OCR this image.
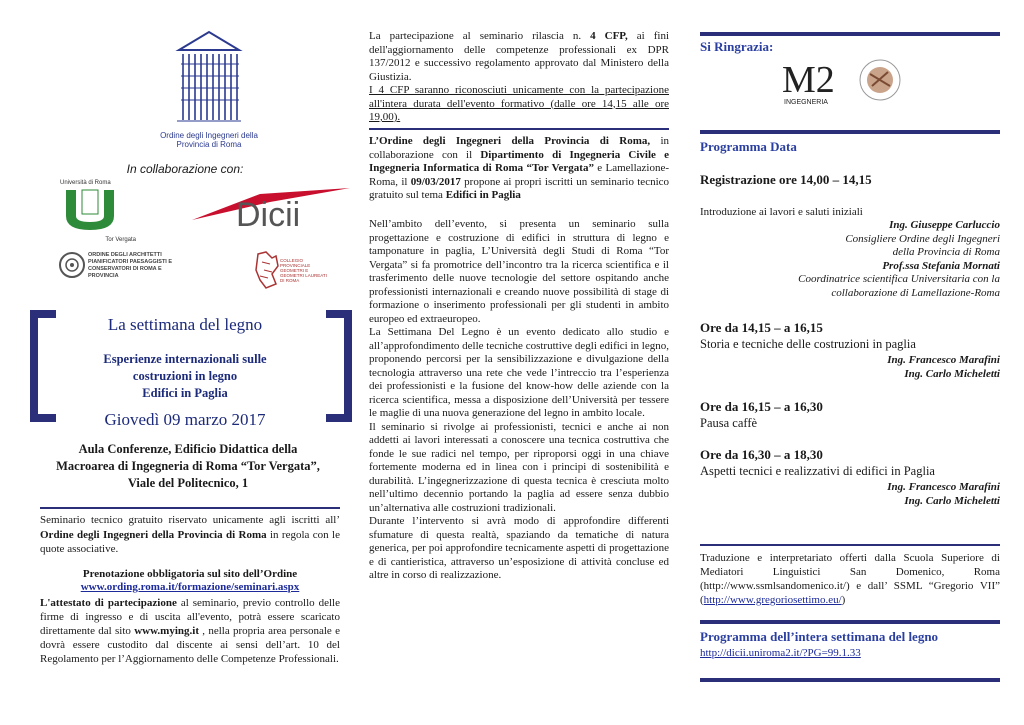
Ordine degli Ingegneri della Provincia di Roma
In collaborazione con:
Università di Roma
Tor Vergata
Dicii
ORDINE DEGLI ARCHITETTI PIANIFICATORI PAESAGGISTI E CONSERVATORI DI ROMA E PROVINCIA
COLLEGIO PROVINCIALE GEOMETRI E GEOMETRI LAUREATI DI ROMA
La settimana del legno
Esperienze internazionali sulle
costruzioni in legno
Edifici in Paglia
Giovedì 09 marzo 2017
Aula Conferenze, Edificio Didattica della
Macroarea di Ingegneria di Roma “Tor Vergata”,
Viale del Politecnico, 1
Seminario tecnico gratuito riservato unicamente agli iscritti all’ Ordine degli Ingegneri della Provincia di Roma in regola con le quote associative.
Prenotazione obbligatoria sul sito dell’Ordine
www.ording.roma.it/formazione/seminari.aspx
L'attestato di partecipazione al seminario, previo controllo delle firme di ingresso e di uscita all'evento, potrà essere scaricato direttamente dal sito www.mying.it , nella propria area personale e dovrà essere custodito dal discente ai sensi dell’art. 10 del Regolamento per l’Aggiornamento delle Competenze Professionali.

La partecipazione al seminario rilascia n. 4 CFP, ai fini dell'aggiornamento delle competenze professionali ex DPR 137/2012 e successivo regolamento approvato dal Ministero della Giustizia.

I 4 CFP saranno riconosciuti unicamente con la partecipazione all'intera durata dell'evento formativo (dalle ore 14,15 alle ore 19,00).

L’Ordine degli Ingegneri della Provincia di Roma, in collaborazione con il Dipartimento di Ingegneria Civile e Ingegneria Informatica di Roma “Tor Vergata” e Lamellazione-Roma, il 09/03/2017 propone ai propri iscritti un seminario tecnico gratuito sul tema Edifici in Paglia

Nell’ambito dell’evento, si presenta un seminario sulla progettazione e costruzione di edifici in struttura di legno e tamponature in paglia, L’Università degli Studi di Roma “Tor Vergata” si fa promotrice dell’incontro tra la ricerca scientifica e il trasferimento delle nuove tecnologie del settore ospitando anche professionisti internazionali e creando nuove possibilità di stage di formazione o inserimento professionali per gli studenti in ambito europeo ed extraeuropeo.

La Settimana Del Legno è un evento dedicato allo studio e all’approfondimento delle tecniche costruttive degli edifici in legno, proponendo percorsi per la sensibilizzazione e divulgazione della tecnologia attraverso una rete che vede l’intreccio tra l’esperienza dei professionisti e la fusione del know-how delle aziende con la ricerca scientifica, messa a disposizione dell’Università per tessere le maglie di una nuova generazione del legno in ambito locale.

Il seminario si rivolge ai professionisti, tecnici e anche ai non addetti ai lavori interessati a conoscere una tecnica costruttiva che fonde le sue radici nel tempo, per riproporsi oggi in una chiave fortemente moderna ed in linea con i principi di sostenibilità e durabilità. L’ingegnerizzazione di questa tecnica è cresciuta molto nell’ultimo decennio portando la paglia ad essere senza dubbio un’alternativa alle costruzioni tradizionali.

Durante l’intervento si avrà modo di approfondire differenti sfumature di questa realtà, spaziando da tematiche di natura generica, per poi approfondire tecnicamente aspetti di progettazione e di cantieristica, attraverso un’esposizione di attività concluse ed altre in corso di realizzazione.

Si Ringrazia:
M2
INGEGNERIA
Programma Data
Registrazione ore 14,00 – 14,15
Introduzione ai lavori e saluti iniziali
Ing. Giuseppe Carluccio
Consigliere Ordine degli Ingegneri
della Provincia di Roma
Prof.ssa Stefania Mornati
Coordinatrice scientifica Universitaria con la
collaborazione di Lamellazione-Roma
Ore da 14,15 – a 16,15
Storia e tecniche delle costruzioni in paglia
Ing. Francesco Marafini
Ing. Carlo Micheletti
Ore da 16,15 – a 16,30
Pausa caffè
Ore da 16,30 – a 18,30
Aspetti tecnici e realizzativi di edifici in Paglia
Ing. Francesco Marafini
Ing. Carlo Micheletti
Traduzione e interpretariato offerti dalla Scuola Superiore di Mediatori Linguistici San Domenico, Roma (http://www.ssmlsandomenico.it/) e dall’ SSML “Gregorio VII” (http://www.gregoriosettimo.eu/)
Programma dell’intera settimana del legno
http://dicii.uniroma2.it/?PG=99.1.33
